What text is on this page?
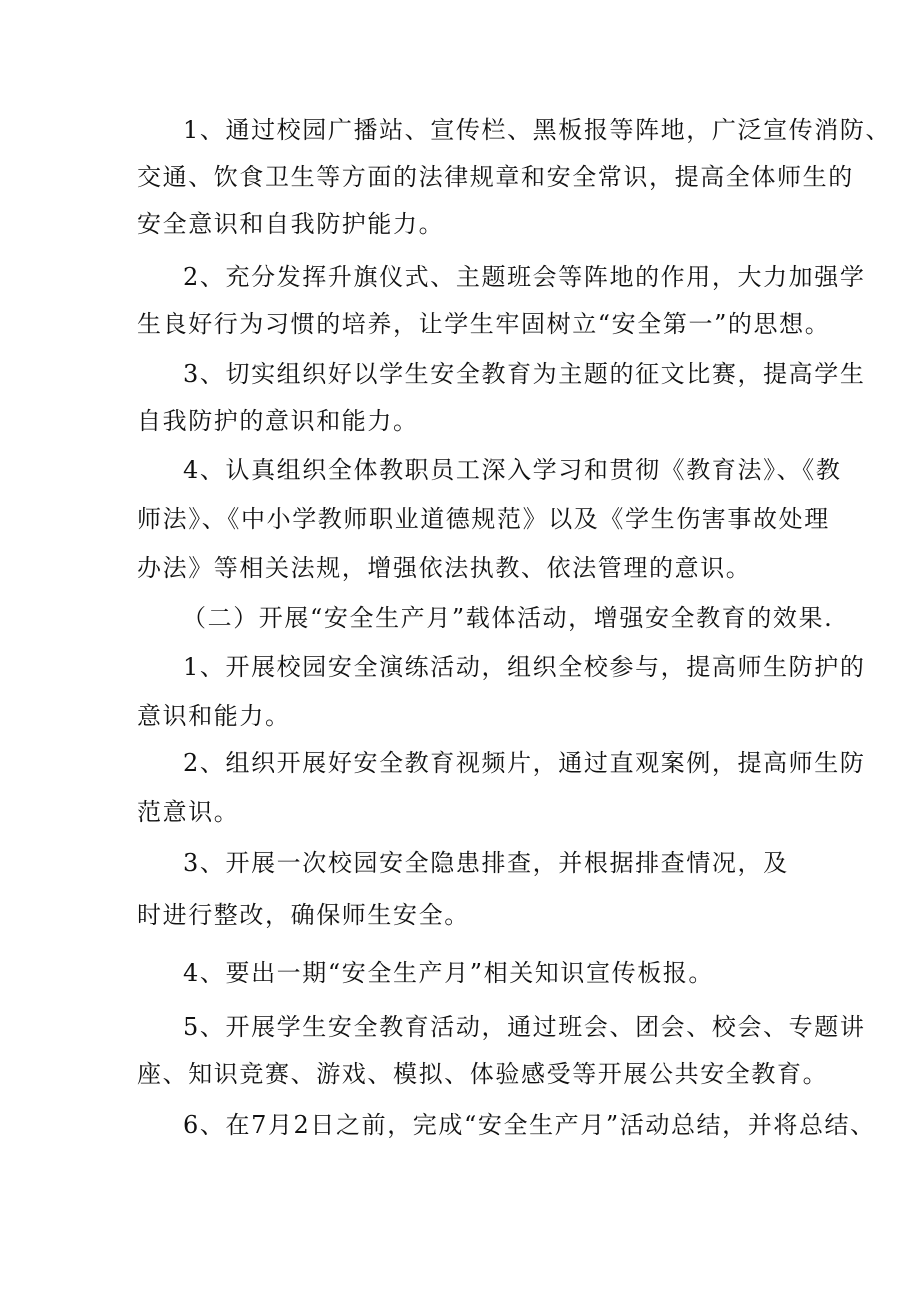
1、通过校园广播站、宣传栏、黑板报等阵地，广泛宣传消防、
交通、饮食卫生等方面的法律规章和安全常识，提高全体师生的
安全意识和自我防护能力。
2、充分发挥升旗仪式、主题班会等阵地的作用，大力加强学
生良好行为习惯的培养，让学生牢固树立“安全第一”的思想。
3、切实组织好以学生安全教育为主题的征文比赛，提高学生
自我防护的意识和能力。
4、认真组织全体教职员工深入学习和贯彻《教育法》、《教
师法》、《中小学教师职业道德规范》以及《学生伤害事故处理
办法》等相关法规，增强依法执教、依法管理的意识。
（二）开展“安全生产月”载体活动，增强安全教育的效果.
1、开展校园安全演练活动，组织全校参与，提高师生防护的
意识和能力。
2、组织开展好安全教育视频片，通过直观案例，提高师生防
范意识。
3、开展一次校园安全隐患排查，并根据排查情况，及
时进行整改，确保师生安全。
4、要出一期“安全生产月”相关知识宣传板报。
5、开展学生安全教育活动，通过班会、团会、校会、专题讲
座、知识竞赛、游戏、模拟、体验感受等开展公共安全教育。
6、在7月2日之前，完成“安全生产月”活动总结，并将总结、
